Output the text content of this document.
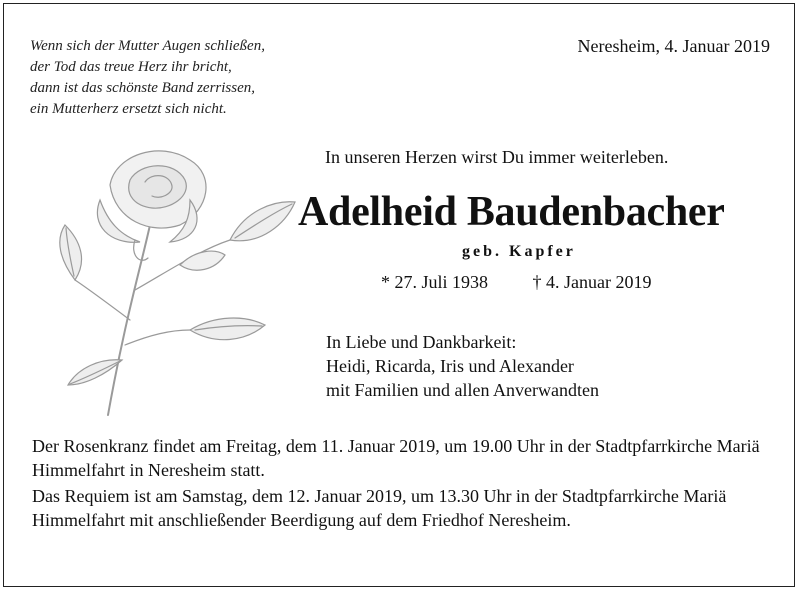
Wenn sich der Mutter Augen schließen,
der Tod das treue Herz ihr bricht,
dann ist das schönste Band zerrissen,
ein Mutterherz ersetzt sich nicht.
Neresheim, 4. Januar 2019
In unseren Herzen wirst Du immer weiterleben.
Adelheid Baudenbacher
geb. Kapfer
* 27. Juli 1938 † 4. Januar 2019
In Liebe und Dankbarkeit:
Heidi, Ricarda, Iris und Alexander
mit Familien und allen Anverwandten

Der Rosenkranz findet am Freitag, dem 11. Januar 2019, um 19.00 Uhr in der Stadtpfarrkirche Mariä Himmelfahrt in Neresheim statt.

Das Requiem ist am Samstag, dem 12. Januar 2019, um 13.30 Uhr in der Stadtpfarrkirche Mariä Himmelfahrt mit anschließender Beerdigung auf dem Friedhof Neresheim.
